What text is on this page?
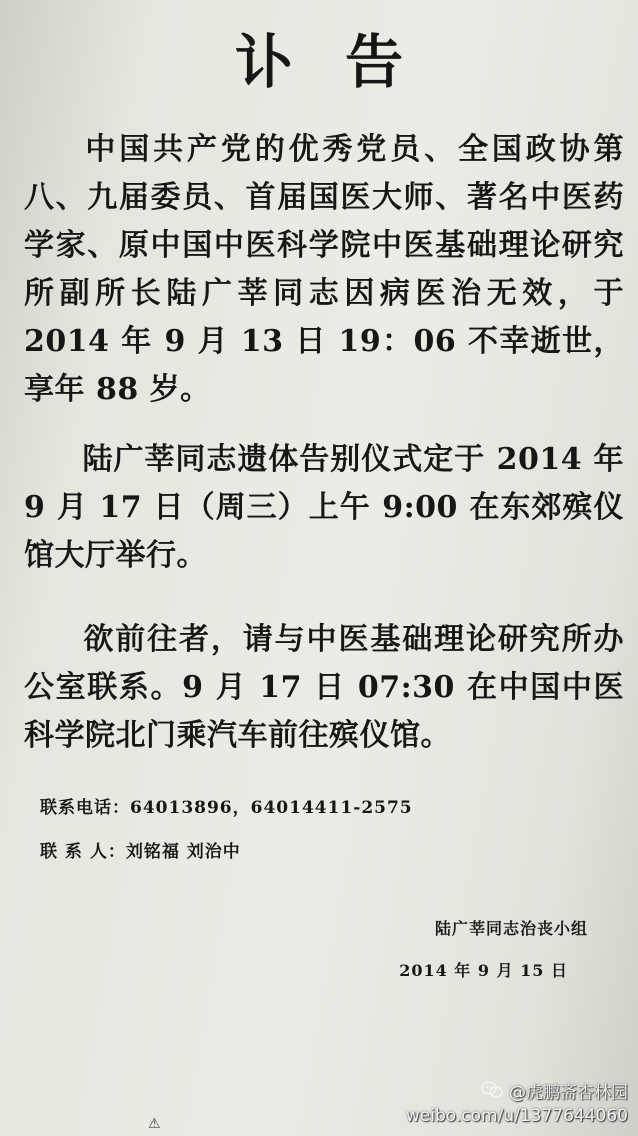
讣告
中国共产党的优秀党员、全国政协第八、九届委员、首届国医大师、著名中医药学家、原中国中医科学院中医基础理论研究所副所长陆广莘同志因病医治无效，于 2014 年 9 月 13 日 19：06 不幸逝世，享年 88 岁。
陆广莘同志遗体告别仪式定于 2014 年 9 月 17 日（周三）上午 9:00 在东郊殡仪馆大厅举行。
欲前往者，请与中医基础理论研究所办公室联系。9 月 17 日 07:30 在中国中医科学院北门乘汽车前往殡仪馆。
联系电话：64013896，64014411-2575
联 系 人：刘铭福 刘治中
陆广莘同志治丧小组
2014 年 9 月 15 日
⚠
@虎鹏斋杏林园
weibo.com/u/1377644060
